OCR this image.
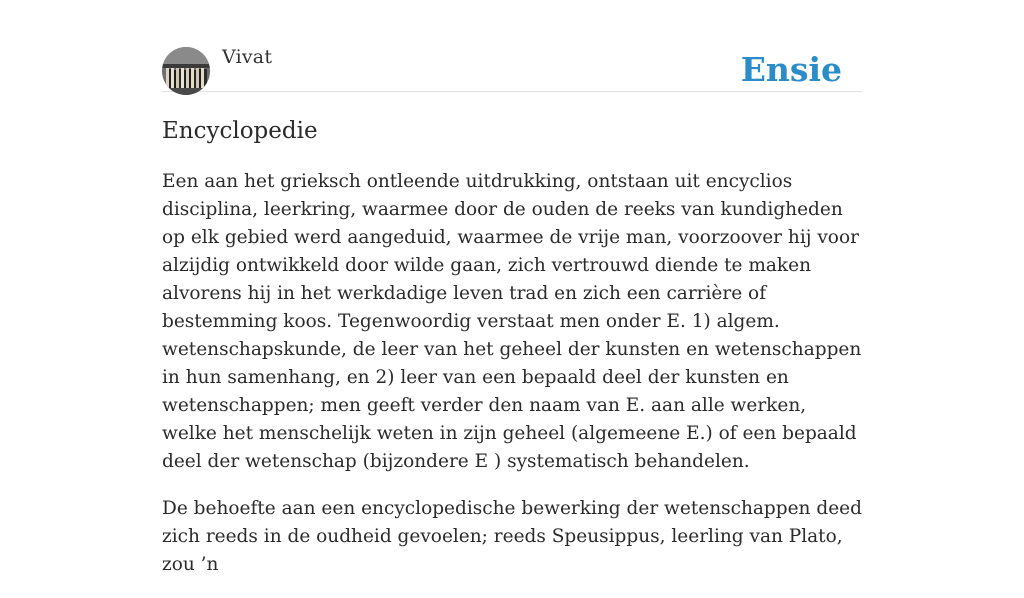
Vivat	Ensie
Encyclopedie

Een aan het grieksch ontleende uitdrukking, ontstaan uit encyclios disciplina, leerkring, waarmee door de ouden de reeks van kundigheden op elk gebied werd aangeduid, waarmee de vrije man, voorzoover hij voor alzijdig ontwikkeld door wilde gaan, zich vertrouwd diende te maken alvorens hij in het werkdadige leven trad en zich een carrière of bestemming koos. Tegenwoordig verstaat men onder E. 1) algem. wetenschapskunde, de leer van het geheel der kunsten en wetenschappen in hun samenhang, en 2) leer van een bepaald deel der kunsten en wetenschappen; men geeft verder den naam van E. aan alle werken, welke het menschelijk weten in zijn geheel (algemeene E.) of een bepaald deel der wetenschap (bijzondere E ) systematisch behandelen.

De behoefte aan een encyclopedische bewerking der wetenschappen deed zich reeds in de oudheid gevoelen; reeds Speusippus, leerling van Plato, zou ’n
